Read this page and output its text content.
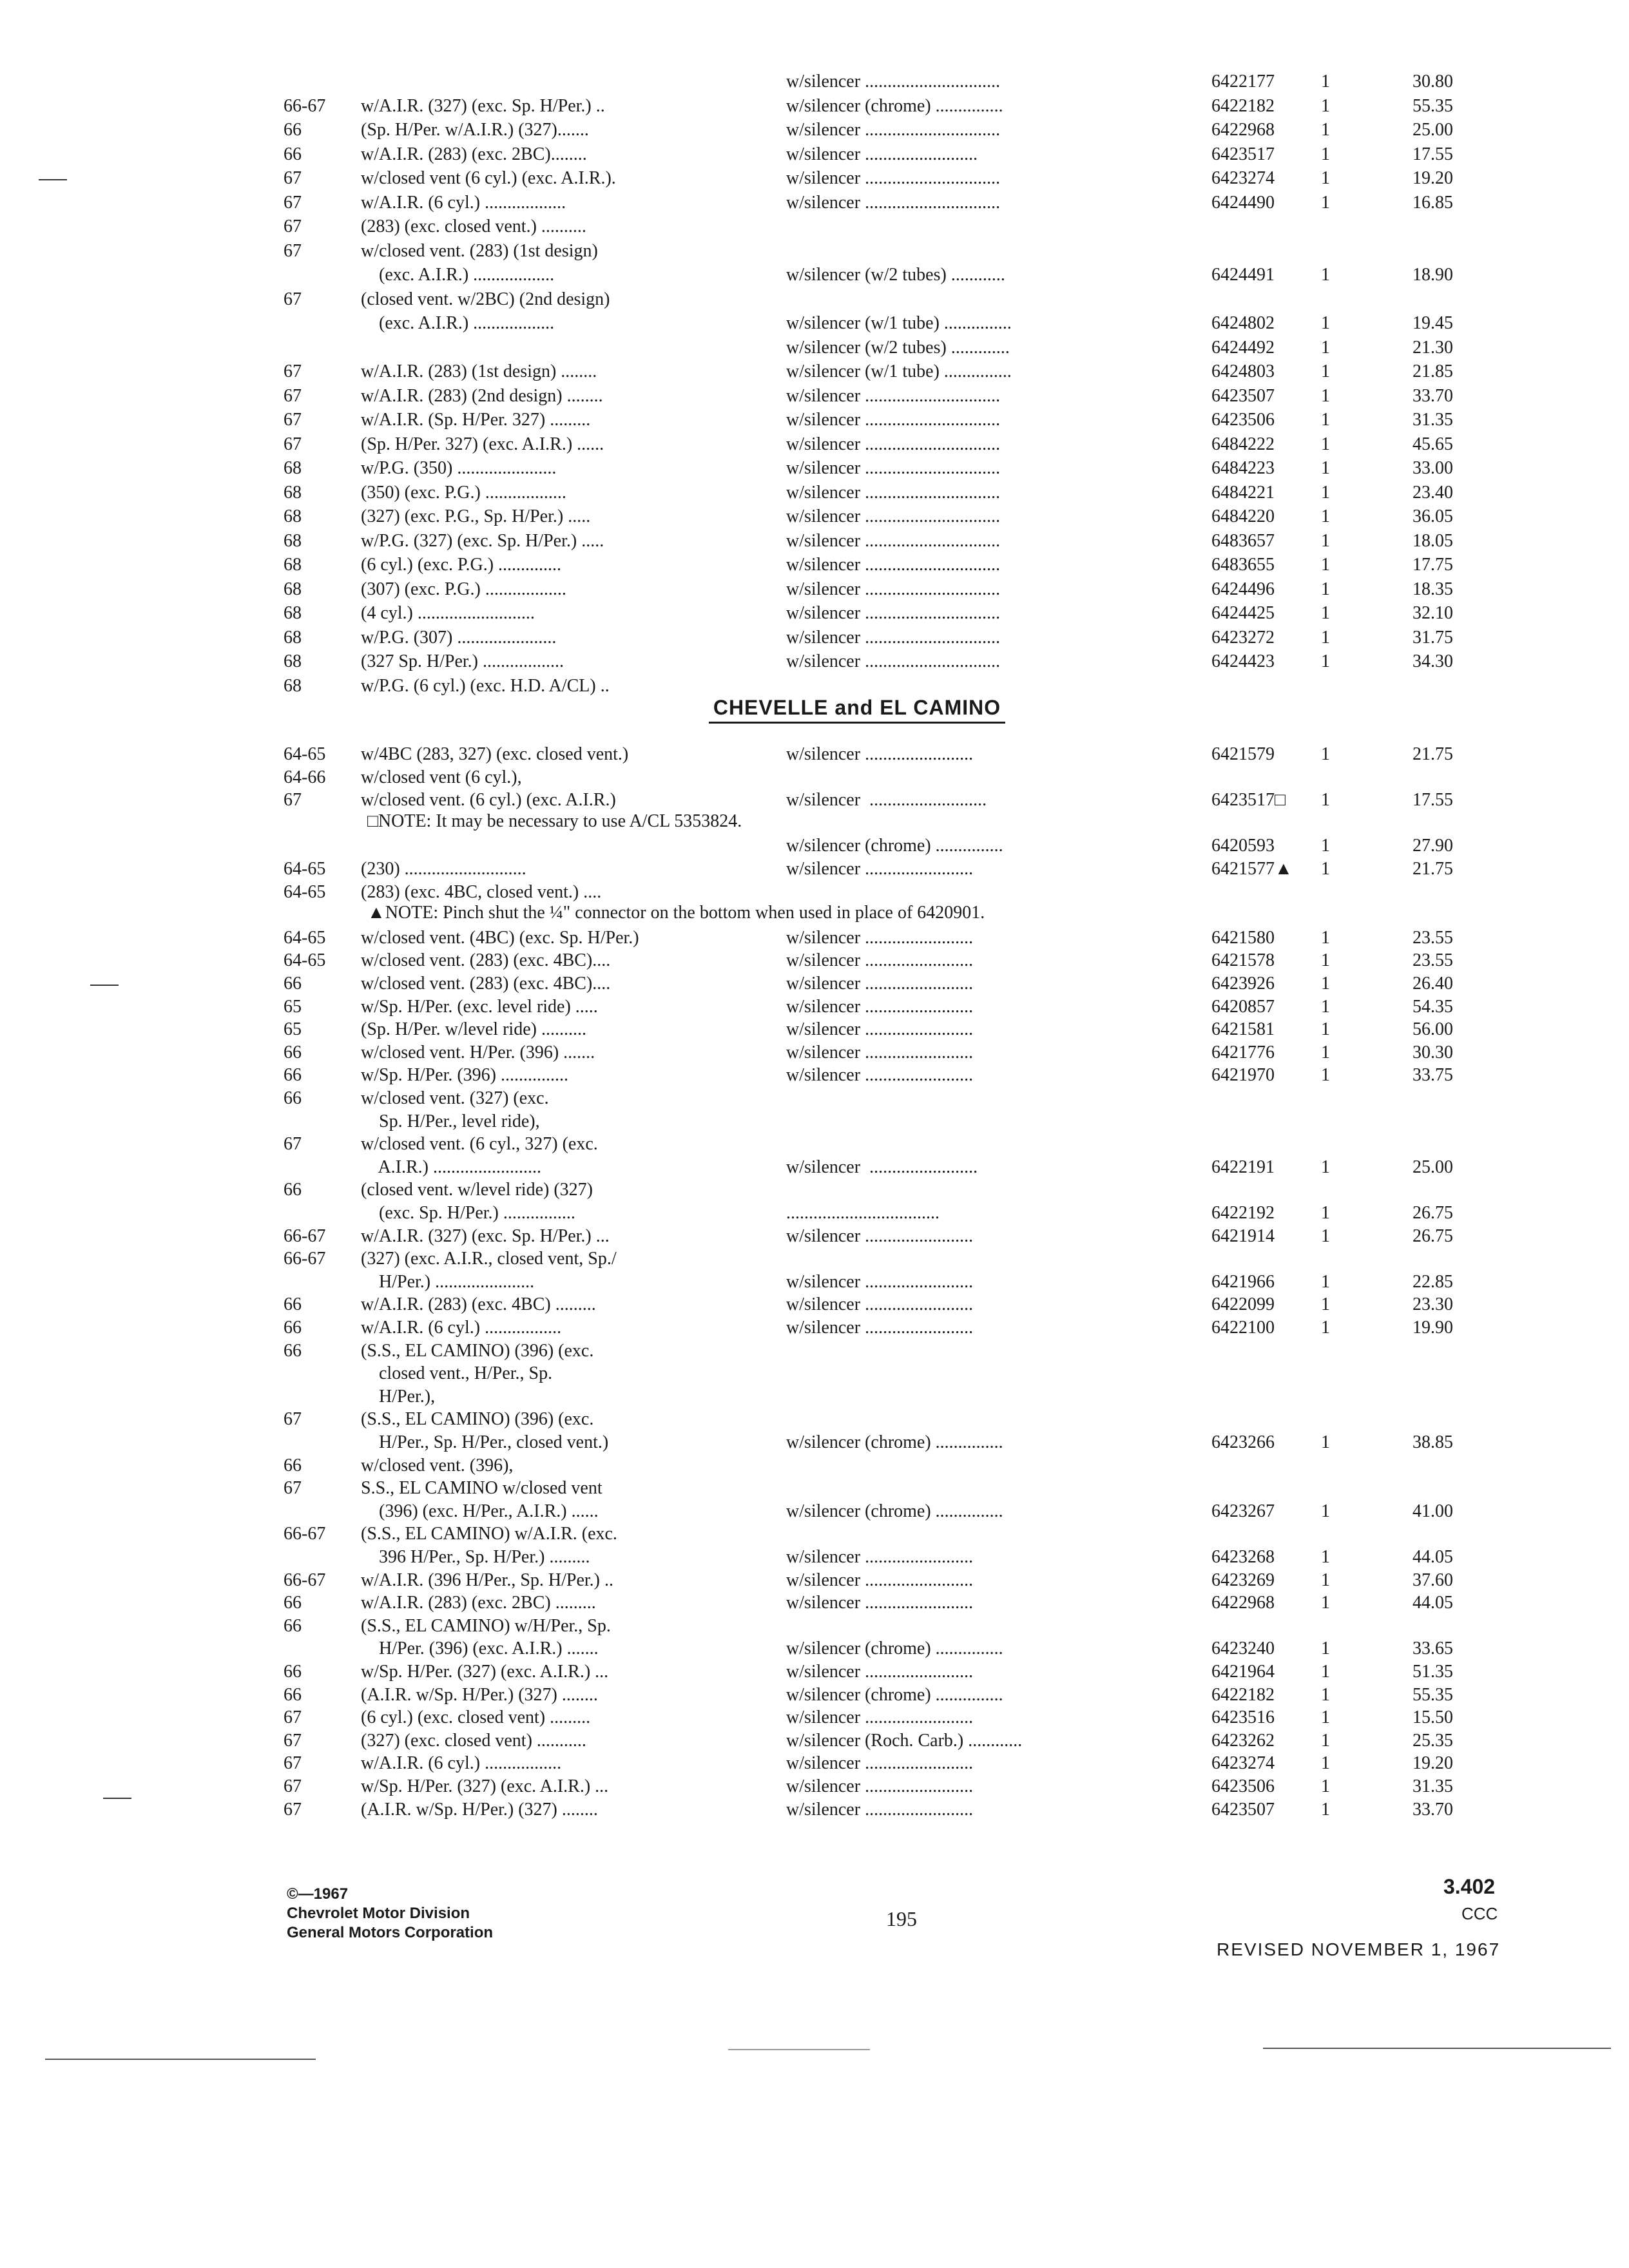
w/silencer ..............................	6422177	1	30.80
66-67	w/A.I.R. (327) (exc. Sp. H/Per.) ..	w/silencer (chrome) ...............	6422182	1	55.35
66	(Sp. H/Per. w/A.I.R.) (327).......	w/silencer ..............................	6422968	1	25.00
66	w/A.I.R. (283) (exc. 2BC)........	w/silencer .........................	6423517	1	17.55
67	w/closed vent (6 cyl.) (exc. A.I.R.).	w/silencer ..............................	6423274	1	19.20
67	w/A.I.R. (6 cyl.) ..................	w/silencer ..............................	6424490	1	16.85
67	(283) (exc. closed vent.) ..........
67	w/closed vent. (283) (1st design)
(exc. A.I.R.) ..................	w/silencer (w/2 tubes) ............	6424491	1	18.90
67	(closed vent. w/2BC) (2nd design)
(exc. A.I.R.) ..................	w/silencer (w/1 tube) ...............	6424802	1	19.45
w/silencer (w/2 tubes) .............	6424492	1	21.30
67	w/A.I.R. (283) (1st design) ........	w/silencer (w/1 tube) ...............	6424803	1	21.85
67	w/A.I.R. (283) (2nd design) ........	w/silencer ..............................	6423507	1	33.70
67	w/A.I.R. (Sp. H/Per. 327) .........	w/silencer ..............................	6423506	1	31.35
67	(Sp. H/Per. 327) (exc. A.I.R.) ......	w/silencer ..............................	6484222	1	45.65
68	w/P.G. (350) ......................	w/silencer ..............................	6484223	1	33.00
68	(350) (exc. P.G.) ..................	w/silencer ..............................	6484221	1	23.40
68	(327) (exc. P.G., Sp. H/Per.) .....	w/silencer ..............................	6484220	1	36.05
68	w/P.G. (327) (exc. Sp. H/Per.) .....	w/silencer ..............................	6483657	1	18.05
68	(6 cyl.) (exc. P.G.) ..............	w/silencer ..............................	6483655	1	17.75
68	(307) (exc. P.G.) ..................	w/silencer ..............................	6424496	1	18.35
68	(4 cyl.) ..........................	w/silencer ..............................	6424425	1	32.10
68	w/P.G. (307) ......................	w/silencer ..............................	6423272	1	31.75
68	(327 Sp. H/Per.) ..................	w/silencer ..............................	6424423	1	34.30
68	w/P.G. (6 cyl.) (exc. H.D. A/CL) ..
CHEVELLE and EL CAMINO
64-65	w/4BC (283, 327) (exc. closed vent.)	w/silencer ........................	6421579	1	21.75
64-66	w/closed vent (6 cyl.),
67	w/closed vent. (6 cyl.) (exc. A.I.R.)	w/silencer  ..........................	6423517□	1	17.55
□NOTE: It may be necessary to use A/CL 5353824.
w/silencer (chrome) ...............	6420593	1	27.90
64-65	(230) ...........................	w/silencer ........................	6421577▲	1	21.75
64-65	(283) (exc. 4BC, closed vent.) ....
▲NOTE: Pinch shut the ¼" connector on the bottom when used in place of 6420901.
64-65	w/closed vent. (4BC) (exc. Sp. H/Per.)	w/silencer ........................	6421580	1	23.55
64-65	w/closed vent. (283) (exc. 4BC)....	w/silencer ........................	6421578	1	23.55
66	w/closed vent. (283) (exc. 4BC)....	w/silencer ........................	6423926	1	26.40
65	w/Sp. H/Per. (exc. level ride) .....	w/silencer ........................	6420857	1	54.35
65	(Sp. H/Per. w/level ride) ..........	w/silencer ........................	6421581	1	56.00
66	w/closed vent. H/Per. (396) .......	w/silencer ........................	6421776	1	30.30
66	w/Sp. H/Per. (396) ...............	w/silencer ........................	6421970	1	33.75
66	w/closed vent. (327) (exc.
Sp. H/Per., level ride),
67	w/closed vent. (6 cyl., 327) (exc.
A.I.R.) ........................	w/silencer  ........................	6422191	1	25.00
66	(closed vent. w/level ride) (327)
(exc. Sp. H/Per.) ................	..................................	6422192	1	26.75
66-67	w/A.I.R. (327) (exc. Sp. H/Per.) ...	w/silencer ........................	6421914	1	26.75
66-67	(327) (exc. A.I.R., closed vent, Sp./
H/Per.) ......................	w/silencer ........................	6421966	1	22.85
66	w/A.I.R. (283) (exc. 4BC) .........	w/silencer ........................	6422099	1	23.30
66	w/A.I.R. (6 cyl.) .................	w/silencer ........................	6422100	1	19.90
66	(S.S., EL CAMINO) (396) (exc.
closed vent., H/Per., Sp.
H/Per.),
67	(S.S., EL CAMINO) (396) (exc.
H/Per., Sp. H/Per., closed vent.)	w/silencer (chrome) ...............	6423266	1	38.85
66	w/closed vent. (396),
67	S.S., EL CAMINO w/closed vent
(396) (exc. H/Per., A.I.R.) ......	w/silencer (chrome) ...............	6423267	1	41.00
66-67	(S.S., EL CAMINO) w/A.I.R. (exc.
396 H/Per., Sp. H/Per.) .........	w/silencer ........................	6423268	1	44.05
66-67	w/A.I.R. (396 H/Per., Sp. H/Per.) ..	w/silencer ........................	6423269	1	37.60
66	w/A.I.R. (283) (exc. 2BC) .........	w/silencer ........................	6422968	1	44.05
66	(S.S., EL CAMINO) w/H/Per., Sp.
H/Per. (396) (exc. A.I.R.) .......	w/silencer (chrome) ...............	6423240	1	33.65
66	w/Sp. H/Per. (327) (exc. A.I.R.) ...	w/silencer ........................	6421964	1	51.35
66	(A.I.R. w/Sp. H/Per.) (327) ........	w/silencer (chrome) ...............	6422182	1	55.35
67	(6 cyl.) (exc. closed vent) .........	w/silencer ........................	6423516	1	15.50
67	(327) (exc. closed vent) ...........	w/silencer (Roch. Carb.) ............	6423262	1	25.35
67	w/A.I.R. (6 cyl.) .................	w/silencer ........................	6423274	1	19.20
67	w/Sp. H/Per. (327) (exc. A.I.R.) ...	w/silencer ........................	6423506	1	31.35
67	(A.I.R. w/Sp. H/Per.) (327) ........	w/silencer ........................	6423507	1	33.70
©—1967
Chevrolet Motor Division
General Motors Corporation
195
3.402
CCC
REVISED NOVEMBER 1, 1967
